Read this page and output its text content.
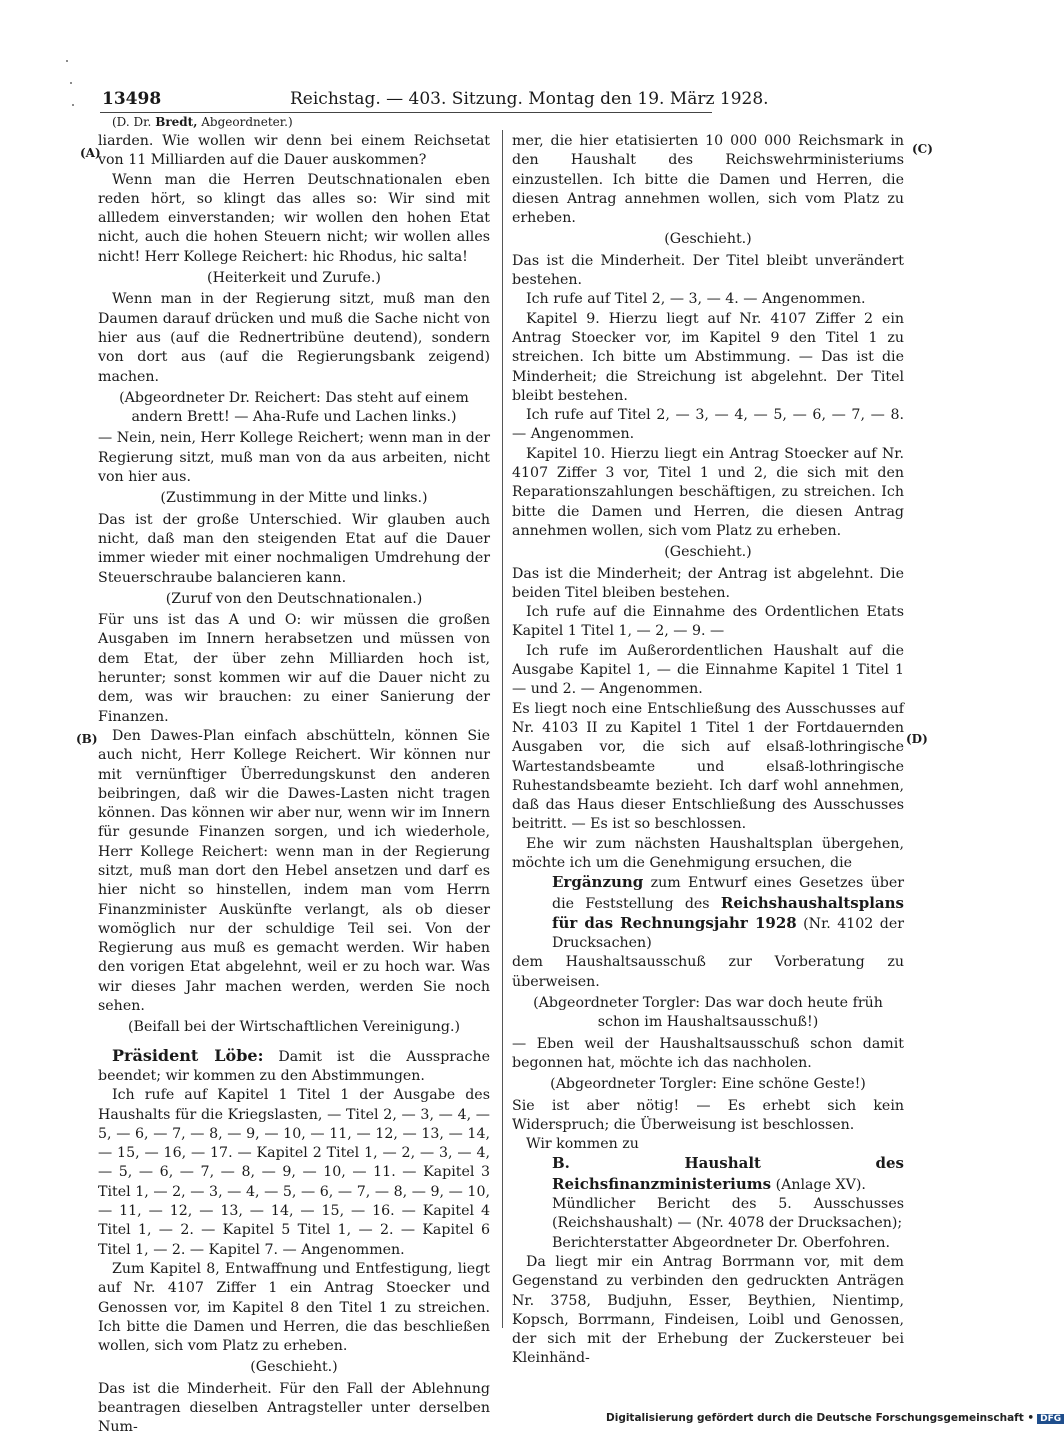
13498	Reichstag. — 403. Sitzung. Montag den 19. März 1928.
(D. Dr. Bredt, Abgeordneter.)
(A)
(B)
(C)
(D)

liarden. Wie wollen wir denn bei einem Reichsetat von 11 Milliarden auf die Dauer auskommen?

Wenn man die Herren Deutschnationalen eben reden hört, so klingt das alles so: Wir sind mit allledem einverstanden; wir wollen den hohen Etat nicht, auch die hohen Steuern nicht; wir wollen alles nicht! Herr Kollege Reichert: hic Rhodus, hic salta!

(Heiterkeit und Zurufe.)

Wenn man in der Regierung sitzt, muß man den Daumen darauf drücken und muß die Sache nicht von hier aus (auf die Rednertribüne deutend), sondern von dort aus (auf die Regierungsbank zeigend) machen.

(Abgeordneter Dr. Reichert: Das steht auf einem andern Brett! — Aha-Rufe und Lachen links.)

— Nein, nein, Herr Kollege Reichert; wenn man in der Regierung sitzt, muß man von da aus arbeiten, nicht von hier aus.

(Zustimmung in der Mitte und links.)

Das ist der große Unterschied. Wir glauben auch nicht, daß man den steigenden Etat auf die Dauer immer wieder mit einer nochmaligen Umdrehung der Steuerschraube balancieren kann.

(Zuruf von den Deutschnationalen.)

Für uns ist das A und O: wir müssen die großen Ausgaben im Innern herabsetzen und müssen von dem Etat, der über zehn Milliarden hoch ist, herunter; sonst kommen wir auf die Dauer nicht zu dem, was wir brauchen: zu einer Sanierung der Finanzen.

Den Dawes-Plan einfach abschütteln, können Sie auch nicht, Herr Kollege Reichert. Wir können nur mit vernünftiger Überredungskunst den anderen beibringen, daß wir die Dawes-Lasten nicht tragen können. Das können wir aber nur, wenn wir im Innern für gesunde Finanzen sorgen, und ich wiederhole, Herr Kollege Reichert: wenn man in der Regierung sitzt, muß man dort den Hebel ansetzen und darf es hier nicht so hinstellen, indem man vom Herrn Finanzminister Auskünfte verlangt, als ob dieser womöglich nur der schuldige Teil sei. Von der Regierung aus muß es gemacht werden. Wir haben den vorigen Etat abgelehnt, weil er zu hoch war. Was wir dieses Jahr machen werden, werden Sie noch sehen.

(Beifall bei der Wirtschaftlichen Vereinigung.)

Präsident Löbe: Damit ist die Aussprache beendet; wir kommen zu den Abstimmungen.

Ich rufe auf Kapitel 1 Titel 1 der Ausgabe des Haushalts für die Kriegslasten, — Titel 2, — 3, — 4, — 5, — 6, — 7, — 8, — 9, — 10, — 11, — 12, — 13, — 14, — 15, — 16, — 17. — Kapitel 2 Titel 1, — 2, — 3, — 4, — 5, — 6, — 7, — 8, — 9, — 10, — 11. — Kapitel 3 Titel 1, — 2, — 3, — 4, — 5, — 6, — 7, — 8, — 9, — 10, — 11, — 12, — 13, — 14, — 15, — 16. — Kapitel 4 Titel 1, — 2. — Kapitel 5 Titel 1, — 2. — Kapitel 6 Titel 1, — 2. — Kapitel 7. — Angenommen.

Zum Kapitel 8, Entwaffnung und Entfestigung, liegt auf Nr. 4107 Ziffer 1 ein Antrag Stoecker und Genossen vor, im Kapitel 8 den Titel 1 zu streichen. Ich bitte die Damen und Herren, die das beschließen wollen, sich vom Platz zu erheben.

(Geschieht.)

Das ist die Minderheit. Für den Fall der Ablehnung beantragen dieselben Antragsteller unter derselben Num-

mer, die hier etatisierten 10 000 000 Reichsmark in den Haushalt des Reichswehrministeriums einzustellen. Ich bitte die Damen und Herren, die diesen Antrag annehmen wollen, sich vom Platz zu erheben.

(Geschieht.)

Das ist die Minderheit. Der Titel bleibt unverändert bestehen.

Ich rufe auf Titel 2, — 3, — 4. — Angenommen.

Kapitel 9. Hierzu liegt auf Nr. 4107 Ziffer 2 ein Antrag Stoecker vor, im Kapitel 9 den Titel 1 zu streichen. Ich bitte um Abstimmung. — Das ist die Minderheit; die Streichung ist abgelehnt. Der Titel bleibt bestehen.

Ich rufe auf Titel 2, — 3, — 4, — 5, — 6, — 7, — 8. — Angenommen.

Kapitel 10. Hierzu liegt ein Antrag Stoecker auf Nr. 4107 Ziffer 3 vor, Titel 1 und 2, die sich mit den Reparationszahlungen beschäftigen, zu streichen. Ich bitte die Damen und Herren, die diesen Antrag annehmen wollen, sich vom Platz zu erheben.

(Geschieht.)

Das ist die Minderheit; der Antrag ist abgelehnt. Die beiden Titel bleiben bestehen.

Ich rufe auf die Einnahme des Ordentlichen Etats Kapitel 1 Titel 1, — 2, — 9. —

Ich rufe im Außerordentlichen Haushalt auf die Ausgabe Kapitel 1, — die Einnahme Kapitel 1 Titel 1 — und 2. — Angenommen.

Es liegt noch eine Entschließung des Ausschusses auf Nr. 4103 II zu Kapitel 1 Titel 1 der Fortdauernden Ausgaben vor, die sich auf elsaß-lothringische Wartestandsbeamte und elsaß-lothringische Ruhestandsbeamte bezieht. Ich darf wohl annehmen, daß das Haus dieser Entschließung des Ausschusses beitritt. — Es ist so beschlossen.

Ehe wir zum nächsten Haushaltsplan übergehen, möchte ich um die Genehmigung ersuchen, die

Ergänzung zum Entwurf eines Gesetzes über die Feststellung des Reichshaushaltsplans für das Rechnungsjahr 1928 (Nr. 4102 der Drucksachen)

dem Haushaltsausschuß zur Vorberatung zu überweisen.

(Abgeordneter Torgler: Das war doch heute früh schon im Haushaltsausschuß!)

— Eben weil der Haushaltsausschuß schon damit begonnen hat, möchte ich das nachholen.

(Abgeordneter Torgler: Eine schöne Geste!)

Sie ist aber nötig! — Es erhebt sich kein Widerspruch; die Überweisung ist beschlossen.

Wir kommen zu

B. Haushalt des Reichsfinanzministeriums (Anlage XV).

Mündlicher Bericht des 5. Ausschusses (Reichshaushalt) — (Nr. 4078 der Drucksachen);

Berichterstatter Abgeordneter Dr. Oberfohren.

Da liegt mir ein Antrag Borrmann vor, mit dem Gegenstand zu verbinden den gedruckten Anträgen Nr. 3758, Budjuhn, Esser, Beythien, Nientimp, Kopsch, Borrmann, Findeisen, Loibl und Genossen, der sich mit der Erhebung der Zuckersteuer bei Kleinhänd-

Digitalisierung gefördert durch die Deutsche Forschungsgemeinschaft • DFG
